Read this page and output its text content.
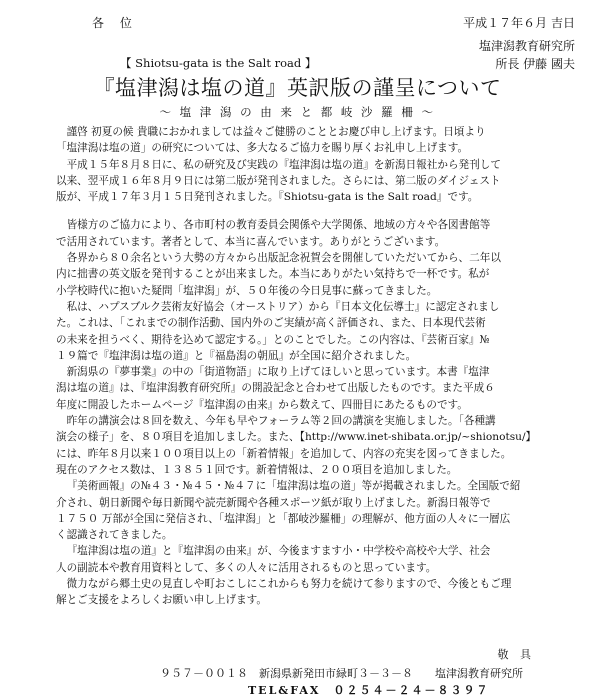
各 位	平成１７年６月 吉日
塩津潟教育研究所
【 Shiotsu-gata is the Salt road 】	所長 伊藤 國夫
『塩津潟は塩の道』英訳版の謹呈について
～ 塩 津 潟 の 由 来 と 都 岐 沙 羅 柵 ～

謹啓 初夏の候 貴職におかれましては益々ご健勝のこととお慶び申し上げます。日頃より
「塩津潟は塩の道」の研究については、多大なるご協力を賜り厚くお礼申し上げます。

平成１５年８月８日に、私の研究及び実践の『塩津潟は塩の道』を新潟日報社から発刊して
以来、翌平成１６年８月９日には第二版が発刊されました。さらには、第二版のダイジェスト
版が、平成１７年３月１５日発刊されました。『Shiotsu-gata is the Salt road』です。

皆様方のご協力により、各市町村の教育委員会関係や大学関係、地域の方々や各図書館等
で活用されています。著者として、本当に喜んでいます。ありがとうございます。

各界から８０余名という大勢の方々から出版記念祝賀会を開催していただいてから、二年以
内に拙書の英文版を発刊することが出来ました。本当にありがたい気持ちで一杯です。私が
小学校時代に抱いた疑問「塩津潟」が、５０年後の今日見事に蘇ってきました。

私は、ハプスブルク芸術友好協会（オーストリア）から『日本文化伝導士』に認定されまし
た。これは、「これまでの制作活動、国内外のご実績が高く評価され、また、日本現代芸術
の未来を担うべく、期待を込めて認定する。」とのことでした。この内容は、『芸術百家』№
１９篇で『塩津潟は塩の道』と『福島潟の朝凪』が全国に紹介されました。

新潟県の『夢事業』の中の「街道物語」に取り上げてほしいと思っています。本書『塩津
潟は塩の道』は、『塩津潟教育研究所』の開設記念と合わせて出版したものです。また平成６
年度に開設したホームページ『塩津潟の由来』から数えて、四冊目にあたるものです。

昨年の講演会は８回を数え、今年も早やフォーラム等２回の講演を実施しました。「各種講
演会の様子」を、８０項目を追加しました。また、【http://www.inet-shibata.or.jp/~shionotsu/】
には、昨年８月以来１００項目以上の「新着情報」を追加して、内容の充実を図ってきました。
現在のアクセス数は、１３８５１回です。新着情報は、２００項目を追加しました。

『美術画報』の№４３・№４５・№４７に「塩津潟は塩の道」等が掲載されました。全国版で紹
介され、朝日新聞や毎日新聞や読売新聞や各種スポーツ紙が取り上げました。新潟日報等で
１７５０ 万部が全国に発信され、「塩津潟」と「都岐沙羅柵」の理解が、他方面の人々に一層広
く認識されてきました。

『塩津潟は塩の道』と『塩津潟の由来』が、今後ますます小・中学校や高校や大学、社会
人の副読本や教育用資料として、多くの人々に活用されるものと思っています。

微力ながら郷土史の見直しや町おこしにこれからも努力を続けて参りますので、今後ともご理
解とご支援をよろしくお願い申し上げます。

敬 具
９５７－００１８　新潟県新発田市緑町３－３－８　　塩津潟教育研究所
TEL&FAX　０２５４－２４－８３９７
